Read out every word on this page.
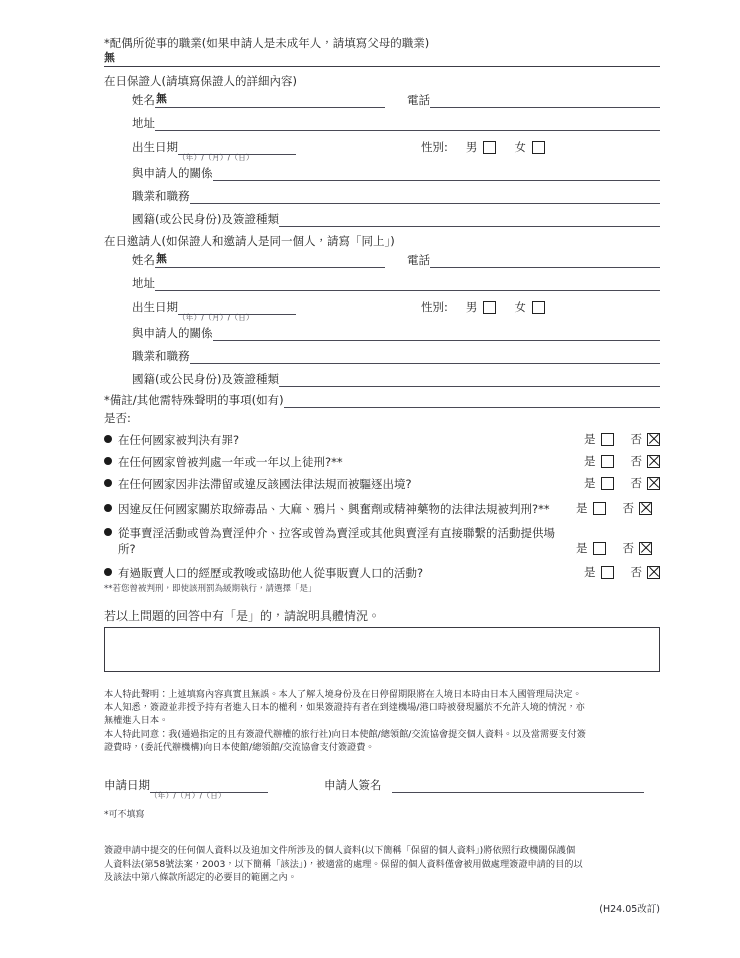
*配偶所從事的職業(如果申請人是未成年人，請填寫父母的職業)
無
在日保證人(請填寫保證人的詳細內容)
姓名 無	電話
地址
出生日期
（年）/（月）/（日）
性別: 男	女
與申請人的關係
職業和職務
國籍(或公民身份)及簽證種類
在日邀請人(如保證人和邀請人是同一個人，請寫「同上」)
姓名 無	電話
地址
出生日期
（年）/（月）/（日）
性別: 男	女
與申請人的關係
職業和職務
國籍(或公民身份)及簽證種類
*備註/其他需特殊聲明的事項(如有)
是否:
在任何國家被判決有罪?	是	否
在任何國家曾被判處一年或一年以上徒刑?**	是	否
在任何國家因非法滯留或違反該國法律法規而被驅逐出境?	是	否
因違反任何國家關於取締毒品、大麻、鴉片、興奮劑或精神藥物的法律法規被判刑?**	是	否
從事賣淫活動或曾為賣淫仲介、拉客或曾為賣淫或其他與賣淫有直接聯繫的活動提供場所?	是	否
有過販賣人口的經歷或教唆或協助他人從事販賣人口的活動?	是	否
**若您曾被判刑，即使該刑罰為緩期執行，請選擇「是」
若以上問題的回答中有「是」的，請說明具體情況。

本人特此聲明：上述填寫內容真實且無誤。本人了解入境身份及在日停留期限將在入境日本時由日本入國管理局決定。

本人知悉，簽證並非授予持有者進入日本的權利，如果簽證持有者在到達機場/港口時被發現屬於不允許入境的情況，亦

無權進入日本。

本人特此同意：我(通過指定的且有簽證代辦權的旅行社)向日本使館/總領館/交流協會提交個人資料。以及當需要支付簽

證費時，(委託代辦機構)向日本使館/總領館/交流協會支付簽證費。

申請日期
（年）/（月）/（日）
申請人簽名
*可不填寫

簽證申請中提交的任何個人資料以及追加文件所涉及的個人資料(以下簡稱「保留的個人資料」)將依照行政機關保護個

人資料法(第58號法案，2003，以下簡稱「該法」)，被適當的處理。保留的個人資料僅會被用做處理簽證申請的目的以

及該法中第八條款所認定的必要目的範圍之內。

(H24.05改訂)
